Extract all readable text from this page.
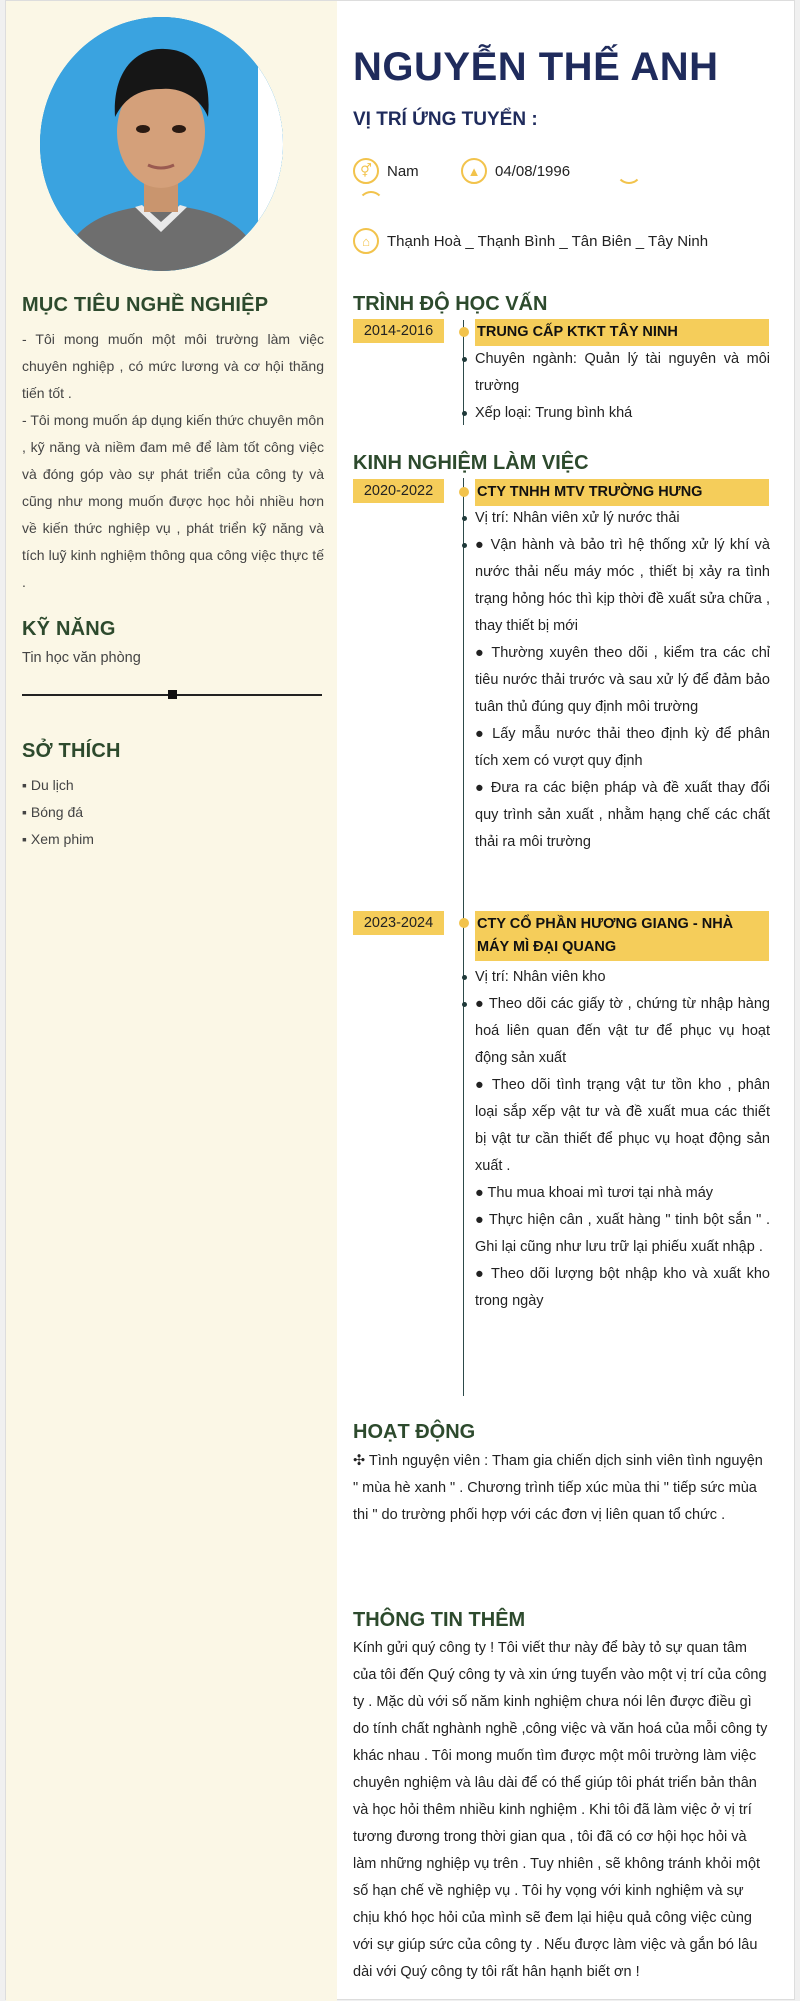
MỤC TIÊU NGHỀ NGHIỆP

- Tôi mong muốn một môi trường làm việc chuyên nghiệp , có mức lương và cơ hội thăng tiến tốt .

- Tôi mong muốn áp dụng kiến thức chuyên môn , kỹ năng và niềm đam mê để làm tốt công việc và đóng góp vào sự phát triển của công ty và cũng như mong muốn được học hỏi nhiều hơn về kiến thức nghiệp vụ , phát triển kỹ năng và tích luỹ kinh nghiệm thông qua công việc thực tế .

KỸ NĂNG
Tin học văn phòng
SỞ THÍCH
▪ Du lịch
▪ Bóng đá
▪ Xem phim
NGUYỄN THẾ ANH
VỊ TRÍ ỨNG TUYỂN :
⚥	Nam	▲ 04/08/1996
⌂	Thạnh Hoà _ Thạnh Bình _ Tân Biên _ Tây Ninh
TRÌNH ĐỘ HỌC VẤN
2014-2016	TRUNG CẤP KTKT TÂY NINH
Chuyên ngành: Quản lý tài nguyên và môi trường
Xếp loại: Trung bình khá
KINH NGHIỆM LÀM VIỆC
2020-2022	CTY TNHH MTV TRƯỜNG HƯNG
Vị trí: Nhân viên xử lý nước thải
● Vận hành và bảo trì hệ thống xử lý khí và nước thải nếu máy móc , thiết bị xảy ra tình trạng hỏng hóc thì kịp thời đề xuất sửa chữa , thay thiết bị mới
● Thường xuyên theo dõi , kiểm tra các chỉ tiêu nước thải trước và sau xử lý để đảm bảo tuân thủ đúng quy định môi trường
● Lấy mẫu nước thải theo định kỳ để phân tích xem có vượt quy định
● Đưa ra các biện pháp và đề xuất thay đổi quy trình sản xuất , nhằm hạng chế các chất thải ra môi trường
2023-2024	CTY CỔ PHẦN HƯƠNG GIANG - NHÀ MÁY MÌ ĐẠI QUANG
Vị trí: Nhân viên kho
● Theo dõi các giấy tờ , chứng từ nhập hàng hoá liên quan đến vật tư để phục vụ hoạt động sản xuất
● Theo dõi tình trạng vật tư tồn kho , phân loại sắp xếp vật tư và đề xuất mua các thiết bị vật tư cần thiết để phục vụ hoạt động sản xuất .
● Thu mua khoai mì tươi tại nhà máy
● Thực hiện cân , xuất hàng " tinh bột sắn " . Ghi lại cũng như lưu trữ lại phiếu xuất nhập .
● Theo dõi lượng bột nhập kho và xuất kho trong ngày
HOẠT ĐỘNG
✣ Tình nguyện viên : Tham gia chiến dịch sinh viên tình nguyện " mùa hè xanh " . Chương trình tiếp xúc mùa thi " tiếp sức mùa thi " do trường phối hợp với các đơn vị liên quan tổ chức .
THÔNG TIN THÊM
Kính gửi quý công ty ! Tôi viết thư này để bày tỏ sự quan tâm của tôi đến Quý công ty và xin ứng tuyển vào một vị trí của công ty . Mặc dù với số năm kinh nghiệm chưa nói lên được điều gì do tính chất nghành nghề ,công việc và văn hoá của mỗi công ty khác nhau . Tôi mong muốn tìm được một môi trường làm việc chuyên nghiệm và lâu dài để có thể giúp tôi phát triển bản thân và học hỏi thêm nhiều kinh nghiệm . Khi tôi đã làm việc ở vị trí tương đương trong thời gian qua , tôi đã có cơ hội học hỏi và làm những nghiệp vụ trên . Tuy nhiên , sẽ không tránh khỏi một số hạn chế về nghiệp vụ . Tôi hy vọng với kinh nghiệm và sự chịu khó học hỏi của mình sẽ đem lại hiệu quả công việc cùng với sự giúp sức của công ty . Nếu được làm việc và gắn bó lâu dài với Quý công ty tôi rất hân hạnh biết ơn !
